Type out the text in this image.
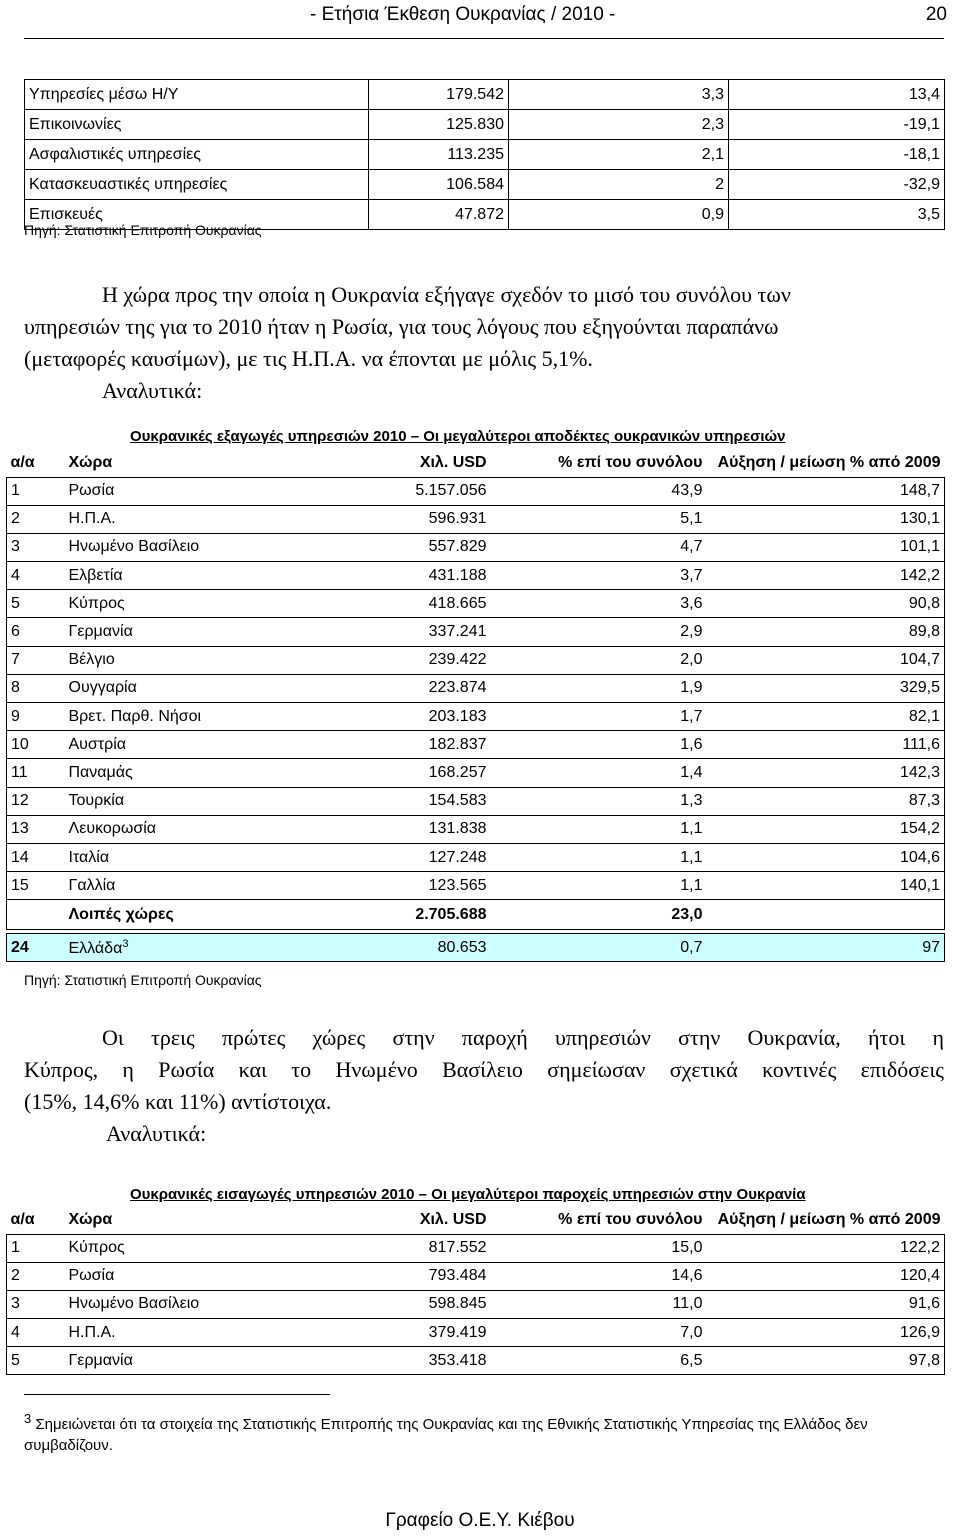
- Ετήσια Έκθεση Ουκρανίας / 2010 -	20
Υπηρεσίες μέσω Η/Υ	179.542	3,3	13,4
Επικοινωνίες	125.830	2,3	-19,1
Ασφαλιστικές υπηρεσίες	113.235	2,1	-18,1
Κατασκευαστικές υπηρεσίες	106.584	2	-32,9
Επισκευές	47.872	0,9	3,5
Πηγή: Στατιστική Επιτροπή Ουκρανίας
Η χώρα προς την οποία η Ουκρανία εξήγαγε σχεδόν το μισό του συνόλου των
υπηρεσιών της για το 2010 ήταν η Ρωσία, για τους λόγους που εξηγούνται παραπάνω
(μεταφορές καυσίμων), με τις Η.Π.Α. να έπονται με μόλις 5,1%.
Αναλυτικά:
Ουκρανικές εξαγωγές υπηρεσιών 2010 – Οι μεγαλύτεροι αποδέκτες ουκρανικών υπηρεσιών
α/α	Χώρα	Χιλ. USD	% επί του συνόλου	Αύξηση / μείωση % από 2009
1	Ρωσία	5.157.056	43,9	148,7
2	Η.Π.Α.	596.931	5,1	130,1
3	Ηνωμένο Βασίλειο	557.829	4,7	101,1
4	Ελβετία	431.188	3,7	142,2
5	Κύπρος	418.665	3,6	90,8
6	Γερμανία	337.241	2,9	89,8
7	Βέλγιο	239.422	2,0	104,7
8	Ουγγαρία	223.874	1,9	329,5
9	Βρετ. Παρθ. Νήσοι	203.183	1,7	82,1
10	Αυστρία	182.837	1,6	111,6
11	Παναμάς	168.257	1,4	142,3
12	Τουρκία	154.583	1,3	87,3
13	Λευκορωσία	131.838	1,1	154,2
14	Ιταλία	127.248	1,1	104,6
15	Γαλλία	123.565	1,1	140,1
	Λοιπές χώρες	2.705.688	23,0	

24	Ελλάδα$^3$	80.653	0,7	97
Πηγή: Στατιστική Επιτροπή Ουκρανίας
Οι τρεις πρώτες χώρες στην παροχή υπηρεσιών στην Ουκρανία, ήτοι η
Κύπρος, η Ρωσία και το Ηνωμένο Βασίλειο σημείωσαν σχετικά κοντινές επιδόσεις
(15%, 14,6% και 11%) αντίστοιχα.
Αναλυτικά:
Ουκρανικές εισαγωγές υπηρεσιών 2010 – Οι μεγαλύτεροι παροχείς υπηρεσιών στην Ουκρανία
α/α	Χώρα	Χιλ. USD	% επί του συνόλου	Αύξηση / μείωση % από 2009
1	Κύπρος	817.552	15,0	122,2
2	Ρωσία	793.484	14,6	120,4
3	Ηνωμένο Βασίλειο	598.845	11,0	91,6
4	Η.Π.Α.	379.419	7,0	126,9
5	Γερμανία	353.418	6,5	97,8
3 Σημειώνεται ότι τα στοιχεία της Στατιστικής Επιτροπής της Ουκρανίας και της Εθνικής Στατιστικής Υπηρεσίας της Ελλάδος δεν
συμβαδίζουν.
Γραφείο Ο.Ε.Υ. Κιέβου
